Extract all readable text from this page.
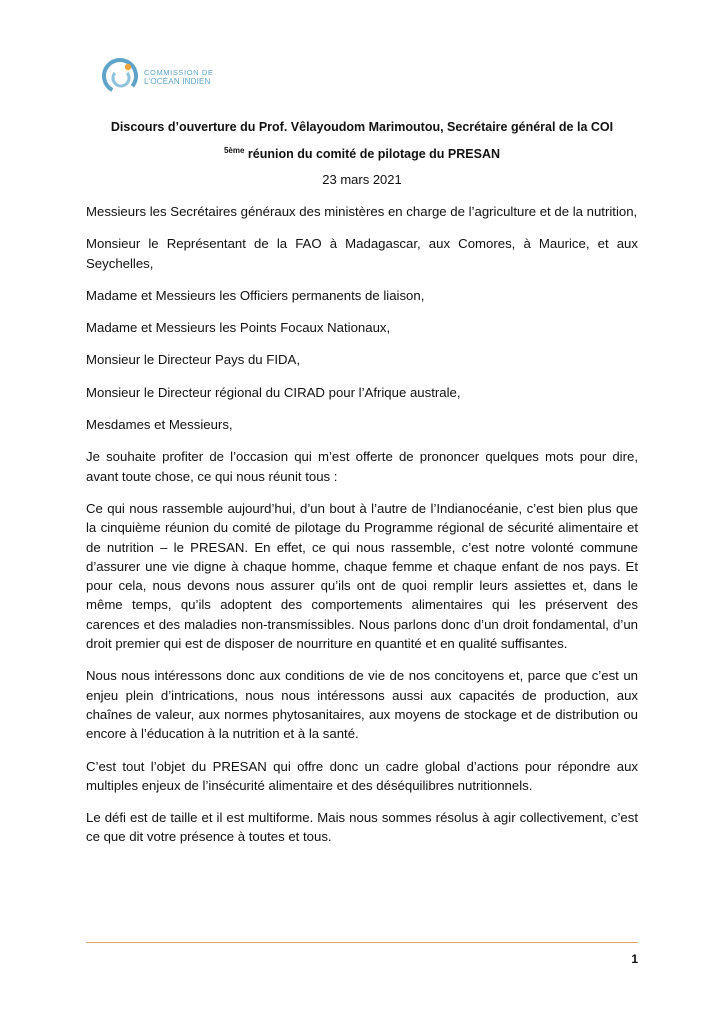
COMMISSION DE
L'OCÉAN INDIEN
Discours d’ouverture du Prof. Vêlayoudom Marimoutou, Secrétaire général de la COI
$^{5ème}$ réunion du comité de pilotage du PRESAN
23 mars 2021

Messieurs les Secrétaires généraux des ministères en charge de l’agriculture et de la nutrition,

Monsieur le Représentant de la FAO à Madagascar, aux Comores, à Maurice, et aux Seychelles,

Madame et Messieurs les Officiers permanents de liaison,

Madame et Messieurs les Points Focaux Nationaux,

Monsieur le Directeur Pays du FIDA,

Monsieur le Directeur régional du CIRAD pour l’Afrique australe,

Mesdames et Messieurs,

Je souhaite profiter de l’occasion qui m’est offerte de prononcer quelques mots pour dire, avant toute chose, ce qui nous réunit tous :

Ce qui nous rassemble aujourd’hui, d’un bout à l’autre de l’Indianocéanie, c’est bien plus que la cinquième réunion du comité de pilotage du Programme régional de sécurité alimentaire et de nutrition – le PRESAN. En effet, ce qui nous rassemble, c’est notre volonté commune d’assurer une vie digne à chaque homme, chaque femme et chaque enfant de nos pays. Et pour cela, nous devons nous assurer qu’ils ont de quoi remplir leurs assiettes et, dans le même temps, qu’ils adoptent des comportements alimentaires qui les préservent des carences et des maladies non-transmissibles. Nous parlons donc d’un droit fondamental, d’un droit premier qui est de disposer de nourriture en quantité et en qualité suffisantes.

Nous nous intéressons donc aux conditions de vie de nos concitoyens et, parce que c’est un enjeu plein d’intrications, nous nous intéressons aussi aux capacités de production, aux chaînes de valeur, aux normes phytosanitaires, aux moyens de stockage et de distribution ou encore à l’éducation à la nutrition et à la santé.

C’est tout l’objet du PRESAN qui offre donc un cadre global d’actions pour répondre aux multiples enjeux de l’insécurité alimentaire et des déséquilibres nutritionnels.

Le défi est de taille et il est multiforme. Mais nous sommes résolus à agir collectivement, c’est ce que dit votre présence à toutes et tous.

1
